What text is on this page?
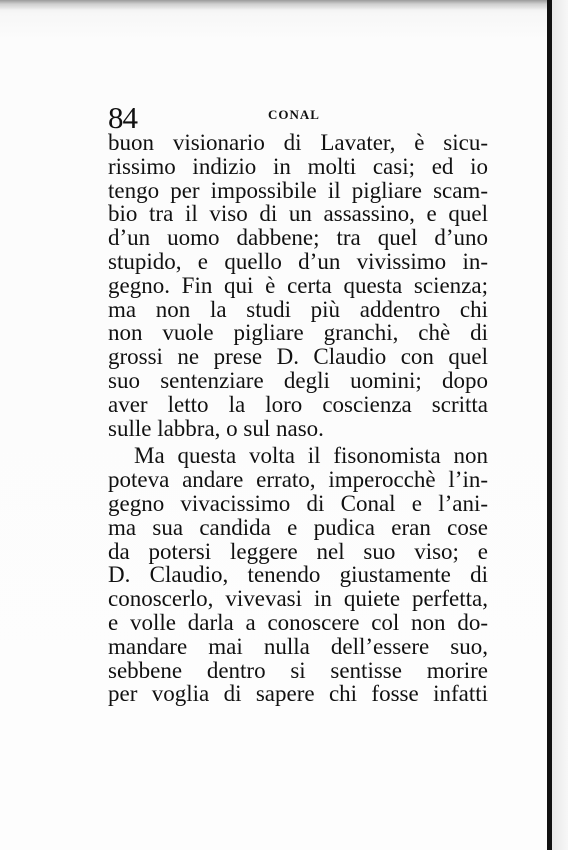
84	CONAL
buon visionario di Lavater, è sicu-
rissimo indizio in molti casi; ed io
tengo per impossibile il pigliare scam-
bio tra il viso di un assassino, e quel
d’un uomo dabbene; tra quel d’uno
stupido, e quello d’un vivissimo in-
gegno. Fin qui è certa questa scienza;
ma non la studi più addentro chi
non vuole pigliare granchi, chè di
grossi ne prese D. Claudio con quel
suo sentenziare degli uomini; dopo
aver letto la loro coscienza scritta
sulle labbra, o sul naso.
Ma questa volta il fisonomista non
poteva andare errato, imperocchè l’in-
gegno vivacissimo di Conal e l’ani-
ma sua candida e pudica eran cose
da potersi leggere nel suo viso; e
D. Claudio, tenendo giustamente di
conoscerlo, vivevasi in quiete perfetta,
e volle darla a conoscere col non do-
mandare mai nulla dell’essere suo,
sebbene dentro si sentisse morire
per voglia di sapere chi fosse infatti
